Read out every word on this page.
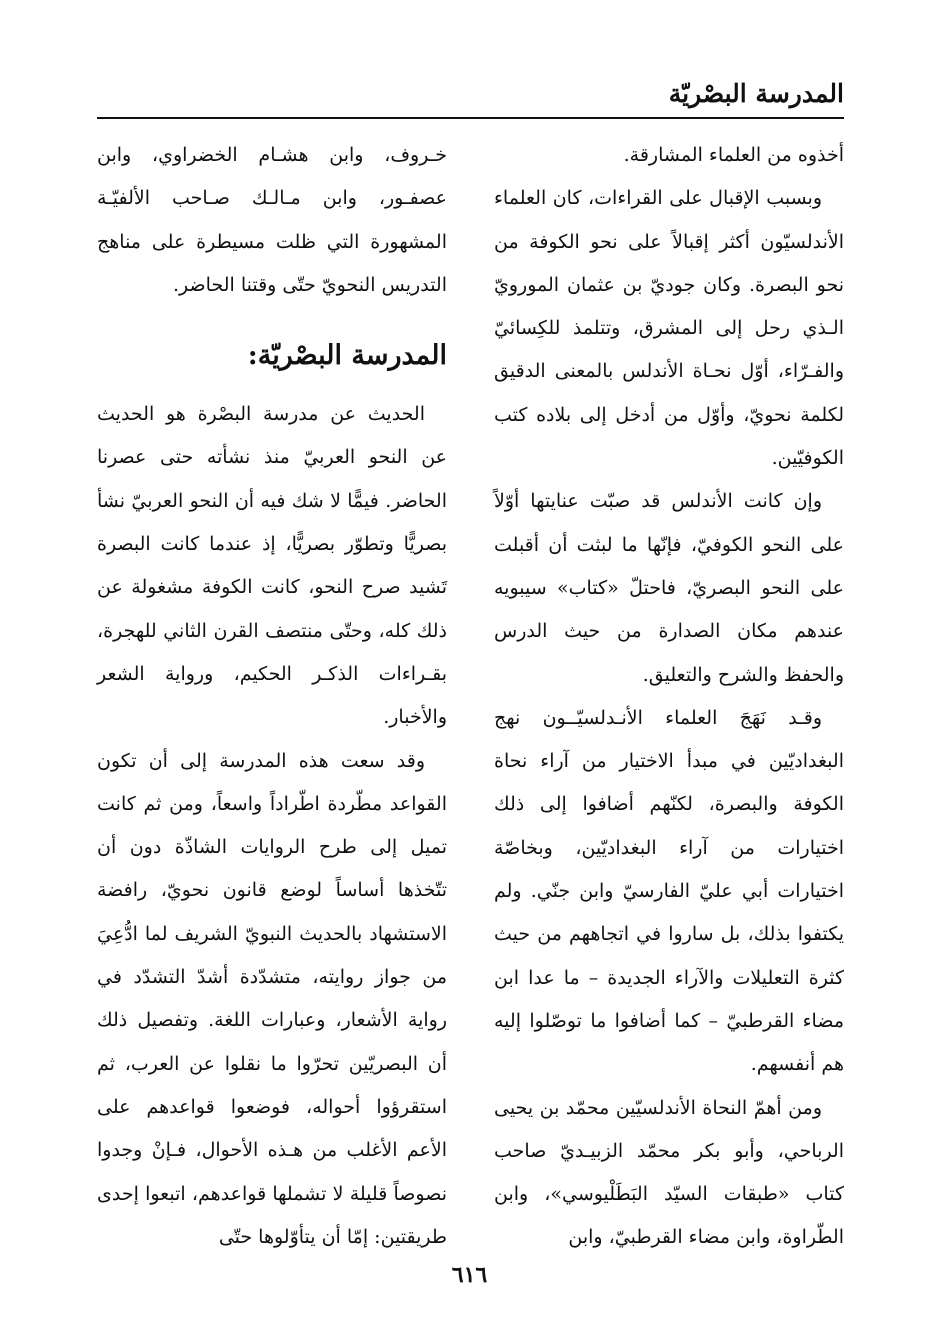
المدرسة البصْريّة

أخذوه من العلماء المشارقة.

وبسبب الإقبال على القراءات، كان العلماء الأندلسيّون أكثر إقبالاً على نحو الكوفة من نحو البصرة. وكان جوديّ بن عثمان المورويّ الـذي رحل إلى المشرق، وتتلمذ للكِسائيّ والفـرّاء، أوّل نحـاة الأندلس بالمعنى الدقيق لكلمة نحويّ، وأوّل من أدخل إلى بلاده كتب الكوفيّين.

وإن كانت الأندلس قد صبّت عنايتها أوّلاً على النحو الكوفيّ، فإنّها ما لبثت أن أقبلت على النحو البصريّ، فاحتلّ «كتاب» سيبويه عندهم مكان الصدارة من حيث الدرس والحفظ والشرح والتعليق.

وقـد نَهَجَ العلماء الأنـدلسيّــون نهج البغداديّين في مبدأ الاختيار من آراء نحاة الكوفة والبصرة، لكنّهم أضافوا إلى ذلك اختيارات من آراء البغداديّين، وبخاصّة اختيارات أبي عليّ الفارسيّ وابن جنّي. ولم يكتفوا بذلك، بل ساروا في اتجاههم من حيث كثرة التعليلات والآراء الجديدة – ما عدا ابن مضاء القرطبيّ – كما أضافوا ما توصّلوا إليه هم أنفسهم.

ومن أهمّ النحاة الأندلسيّين محمّد بن يحيى الرباحي، وأبو بكر محمّد الزبيـديّ صاحب كتاب «طبقات السيّد البَطَلْيوسي»، وابن الطّراوة، وابن مضاء القرطبيّ، وابن

خـروف، وابن هشـام الخضراوي، وابن عصفـور، وابن مـالـك صـاحب الألفيّـة المشهورة التي ظلت مسيطرة على مناهج التدريس النحويّ حتّى وقتنا الحاضر.

المدرسة البصْريّة:

الحديث عن مدرسة البصْرة هو الحديث عن النحو العربيّ منذ نشأته حتى عصرنا الحاضر. فيمًّا لا شك فيه أن النحو العربيّ نشأ بصريًّا وتطوّر بصريًّا، إذ عندما كانت البصرة تَشيد صرح النحو، كانت الكوفة مشغولة عن ذلك كله، وحتّى منتصف القرن الثاني للهجرة، بقـراءات الذكـر الحكيم، ورواية الشعر والأخبار.

وقد سعت هذه المدرسة إلى أن تكون القواعد مطّردة اطّراداً واسعاً، ومن ثم كانت تميل إلى طرح الروايات الشاذّة دون أن تتّخذها أساساً لوضع قانون نحويّ، رافضة الاستشهاد بالحديث النبويّ الشريف لما ادُّعِيَ من جواز روايته، متشدّدة أشدّ التشدّد في رواية الأشعار، وعبارات اللغة. وتفصيل ذلك أن البصريّين تحرّوا ما نقلوا عن العرب، ثم استقرؤوا أحواله، فوضعوا قواعدهم على الأعم الأغلب من هـذه الأحوال، فـإنْ وجدوا نصوصاً قليلة لا تشملها قواعدهم، اتبعوا إحدى طريقتين: إمّا أن يتأوّلوها حتّى

٦١٦
